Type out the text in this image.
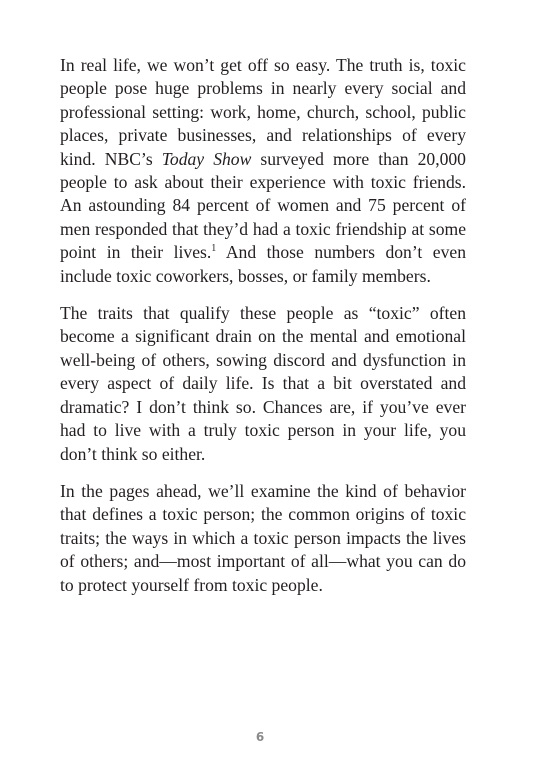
In real life, we won’t get off so easy. The truth is, toxic people pose huge problems in nearly every social and professional setting: work, home, church, school, public places, private businesses, and relationships of every kind. NBC’s Today Show surveyed more than 20,000 people to ask about their experience with toxic friends. An astounding 84 percent of women and 75 percent of men responded that they’d had a toxic friendship at some point in their lives.$^1$ And those numbers don’t even include toxic coworkers, bosses, or family members.

The traits that qualify these people as “toxic” often become a significant drain on the mental and emotional well-being of others, sowing discord and dysfunction in every aspect of daily life. Is that a bit overstated and dramatic? I don’t think so. Chances are, if you’ve ever had to live with a truly toxic person in your life, you don’t think so either.

In the pages ahead, we’ll examine the kind of behavior that defines a toxic person; the common origins of toxic traits; the ways in which a toxic person impacts the lives of others; and—most important of all—what you can do to protect yourself from toxic people.

6
